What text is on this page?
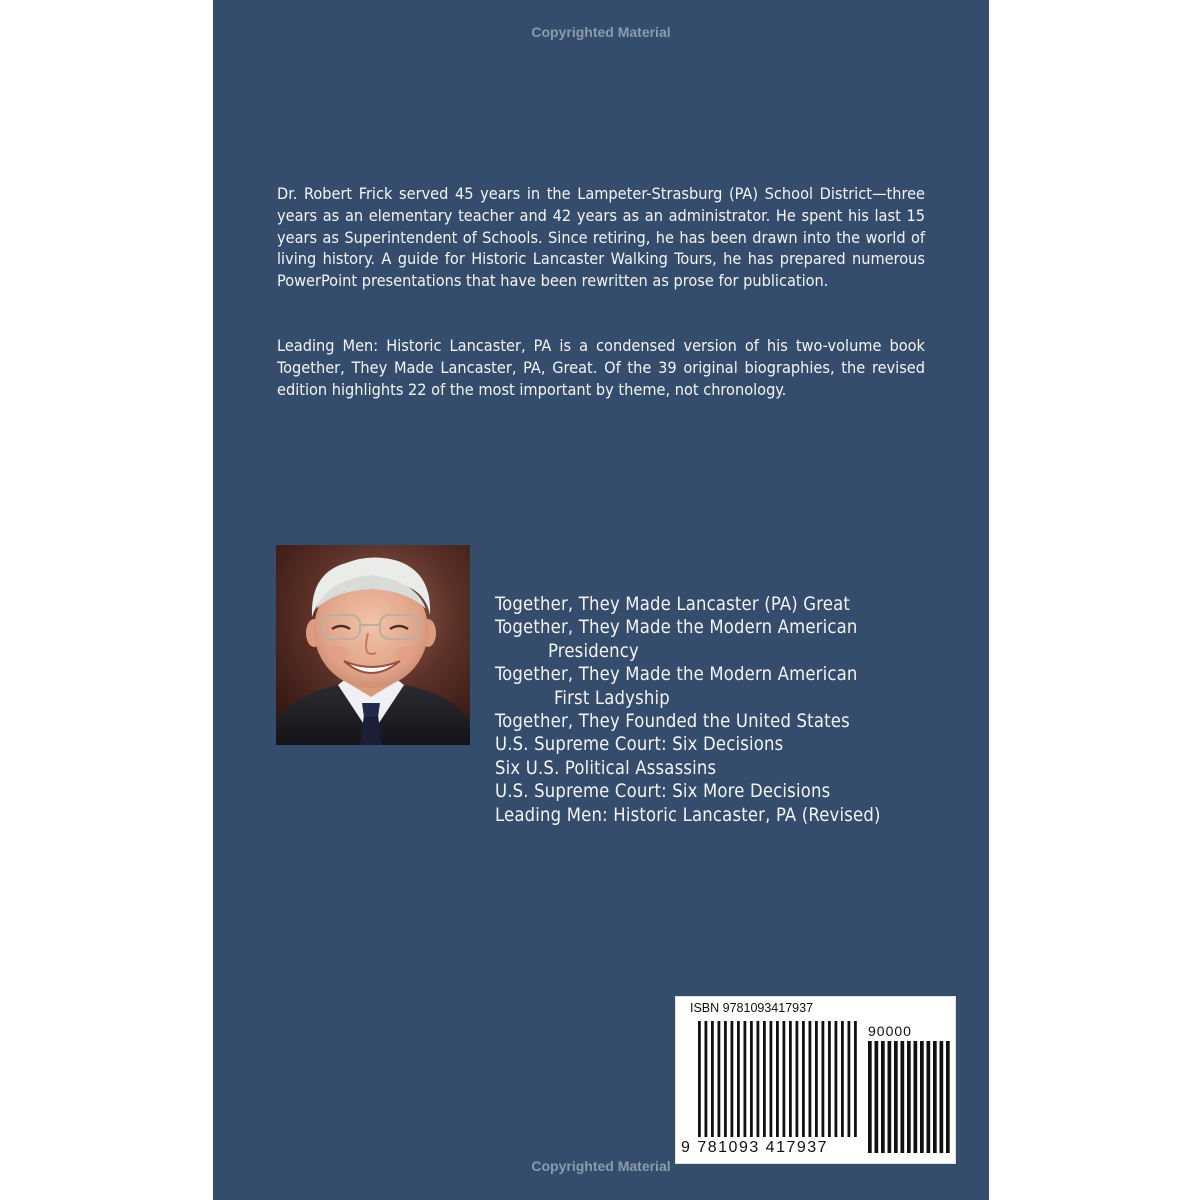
Copyrighted Material

Dr. Robert Frick served 45 years in the Lampeter-Strasburg (PA) School District—three years as an elementary teacher and 42 years as an administrator. He spent his last 15 years as Superintendent of Schools. Since retiring, he has been drawn into the world of living history. A guide for Historic Lancaster Walking Tours, he has prepared numerous PowerPoint presentations that have been rewritten as prose for publication.

Leading Men: Historic Lancaster, PA is a condensed version of his two-volume book Together, They Made Lancaster, PA, Great. Of the 39 original biographies, the revised edition highlights 22 of the most important by theme, not chronology.

Together, They Made Lancaster (PA) Great
Together, They Made the Modern American
Presidency
Together, They Made the Modern American
First Ladyship
Together, They Founded the United States
U.S. Supreme Court: Six Decisions
Six U.S. Political Assassins
U.S. Supreme Court: Six More Decisions
Leading Men: Historic Lancaster, PA (Revised)
ISBN 9781093417937
90000
9 781093 417937
Copyrighted Material
